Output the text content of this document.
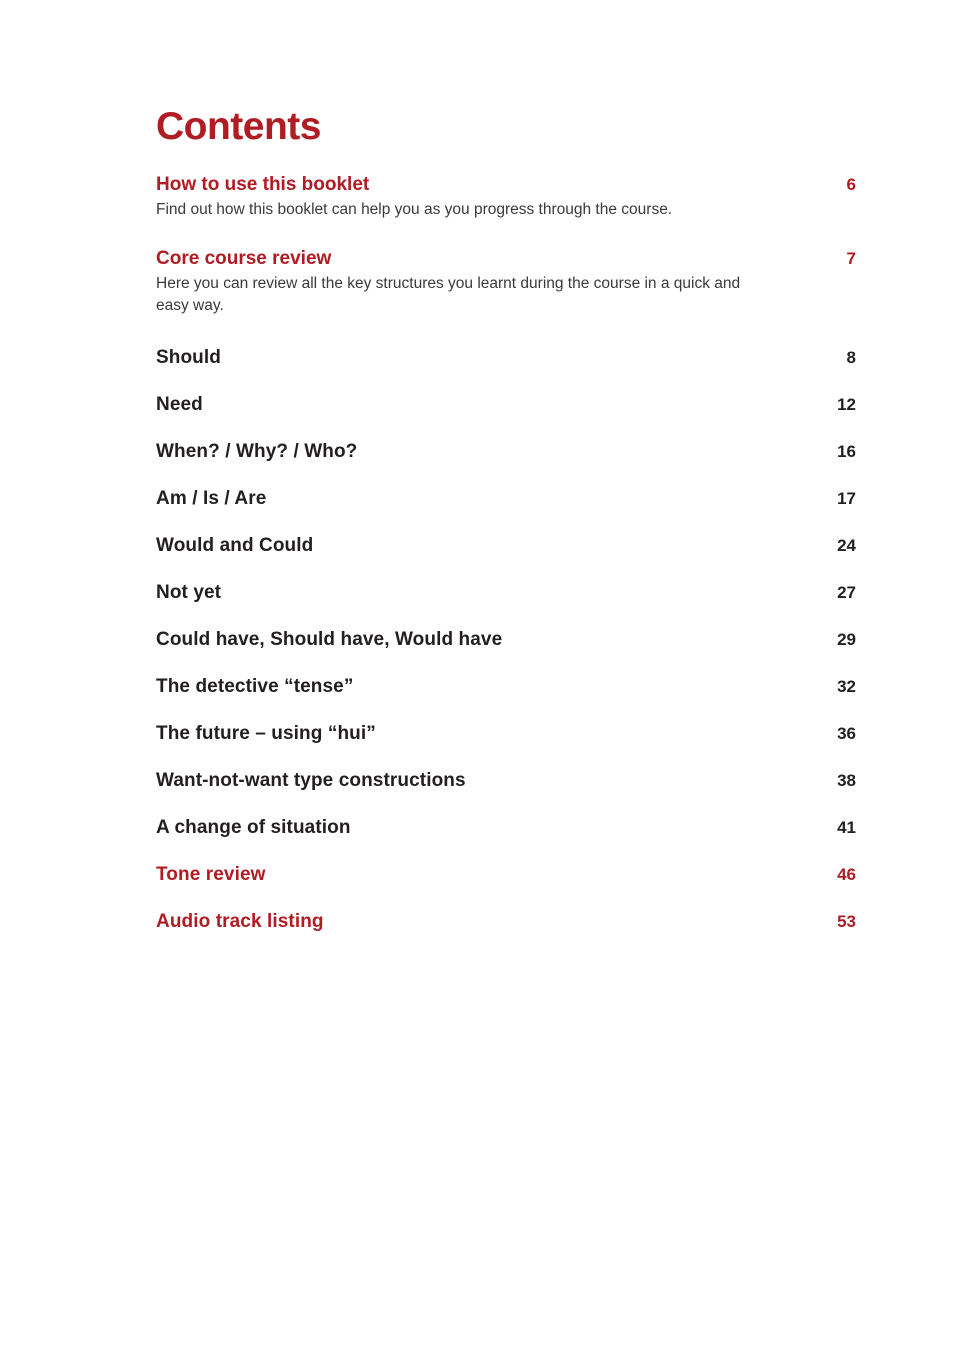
Contents
How to use this booklet	6
Find out how this booklet can help you as you progress through the course.
Core course review	7
Here you can review all the key structures you learnt during the course in a quick and easy way.
Should	8
Need	12
When? / Why? / Who?	16
Am / Is / Are	17
Would and Could	24
Not yet	27
Could have, Should have, Would have	29
The detective “tense”	32
The future – using “hui”	36
Want-not-want type constructions	38
A change of situation	41
Tone review	46
Audio track listing	53
